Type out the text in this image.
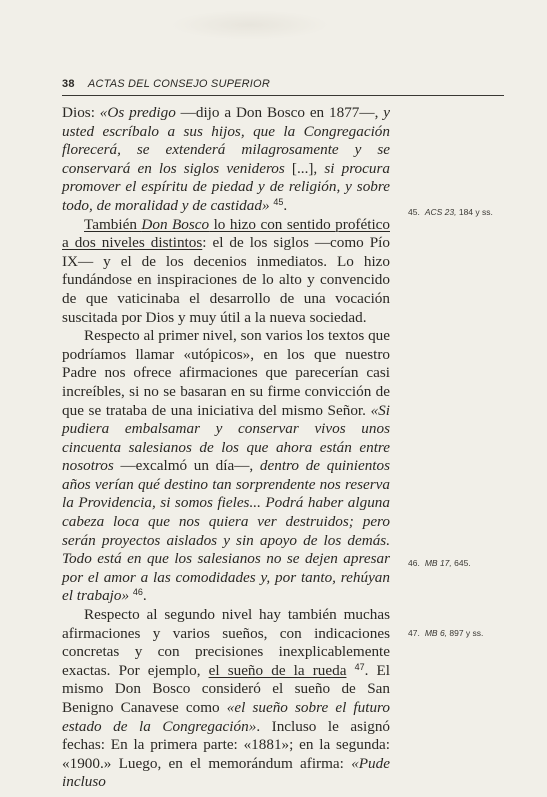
38 ACTAS DEL CONSEJO SUPERIOR

Dios: «Os predigo —dijo a Don Bosco en 1877—, y usted escríbalo a sus hijos, que la Congregación florecerá, se extenderá milagrosamente y se conservará en los siglos venideros [...], si procura promover el espíritu de piedad y de religión, y sobre todo, de moralidad y de castidad» $^{45}$.

También Don Bosco lo hizo con sentido profético a dos niveles distintos: el de los siglos —como Pío IX— y el de los decenios inmediatos. Lo hizo fundándose en inspiraciones de lo alto y convencido de que vaticinaba el desarrollo de una vocación suscitada por Dios y muy útil a la nueva sociedad.

Respecto al primer nivel, son varios los textos que podríamos llamar «utópicos», en los que nuestro Padre nos ofrece afirmaciones que parecerían casi increíbles, si no se basaran en su firme convicción de que se trataba de una iniciativa del mismo Señor. «Si pudiera embalsamar y conservar vivos unos cincuenta salesianos de los que ahora están entre nosotros —excalmó un día—, dentro de quinientos años verían qué destino tan sorprendente nos reserva la Providencia, si somos fieles... Podrá haber alguna cabeza loca que nos quiera ver destruidos; pero serán proyectos aislados y sin apoyo de los demás. Todo está en que los salesianos no se dejen apresar por el amor a las comodidades y, por tanto, rehúyan el trabajo» $^{46}$.

Respecto al segundo nivel hay también muchas afirmaciones y varios sueños, con indicaciones concretas y con precisiones inexplicablemente exactas. Por ejemplo, el sueño de la rueda $^{47}$. El mismo Don Bosco consideró el sueño de San Benigno Canavese como «el sueño sobre el futuro estado de la Congregación». Incluso le asignó fechas: En la primera parte: «1881»; en la segunda: «1900.» Luego, en el memorándum afirma: «Pude incluso

45. ACS 23, 184 y ss.
46. MB 17, 645.
47. MB 6, 897 y ss.
